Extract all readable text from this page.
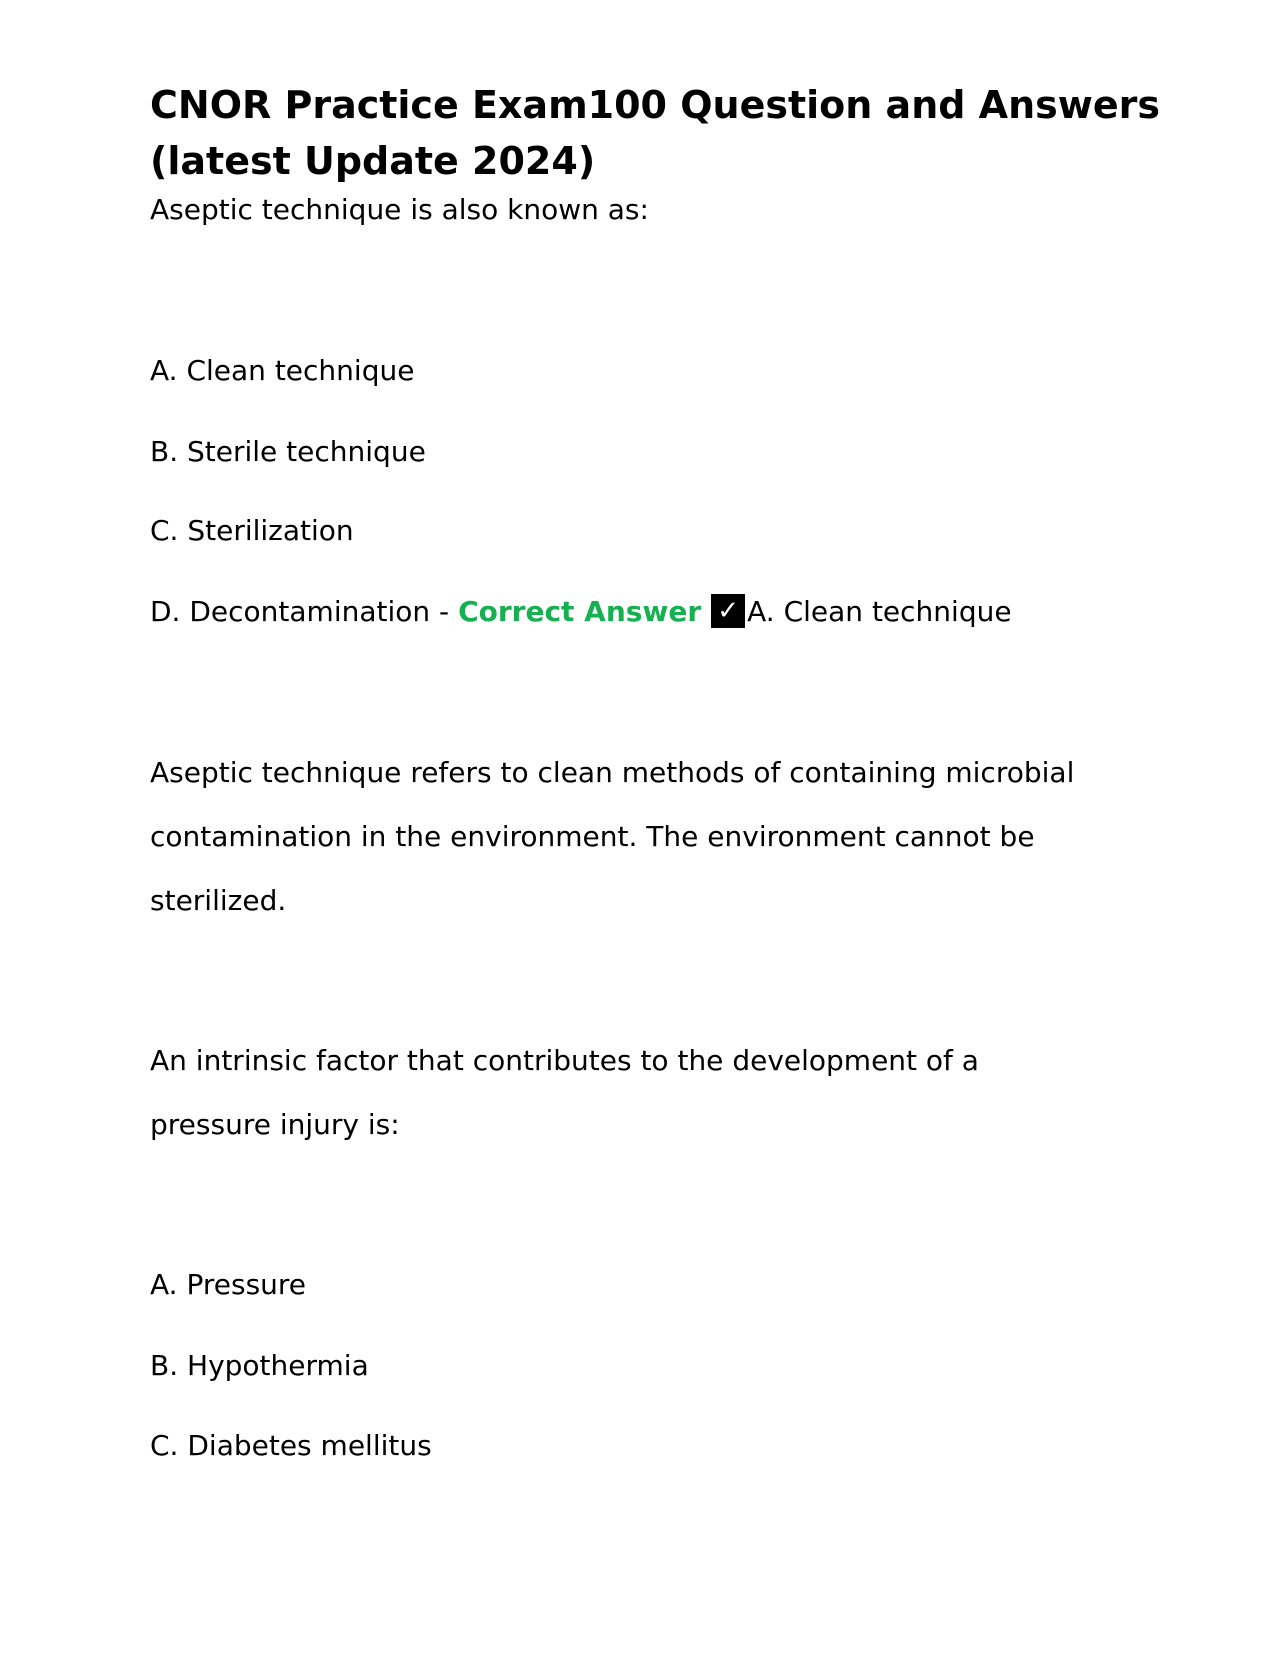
CNOR Practice Exam100 Question and Answers
(latest Update 2024)
Aseptic technique is also known as:
A. Clean technique
B. Sterile technique
C. Sterilization
D. Decontamination - Correct Answer ✓ A. Clean technique
Aseptic technique refers to clean methods of containing microbial
contamination in the environment. The environment cannot be
sterilized.
An intrinsic factor that contributes to the development of a
pressure injury is:
A. Pressure
B. Hypothermia
C. Diabetes mellitus
